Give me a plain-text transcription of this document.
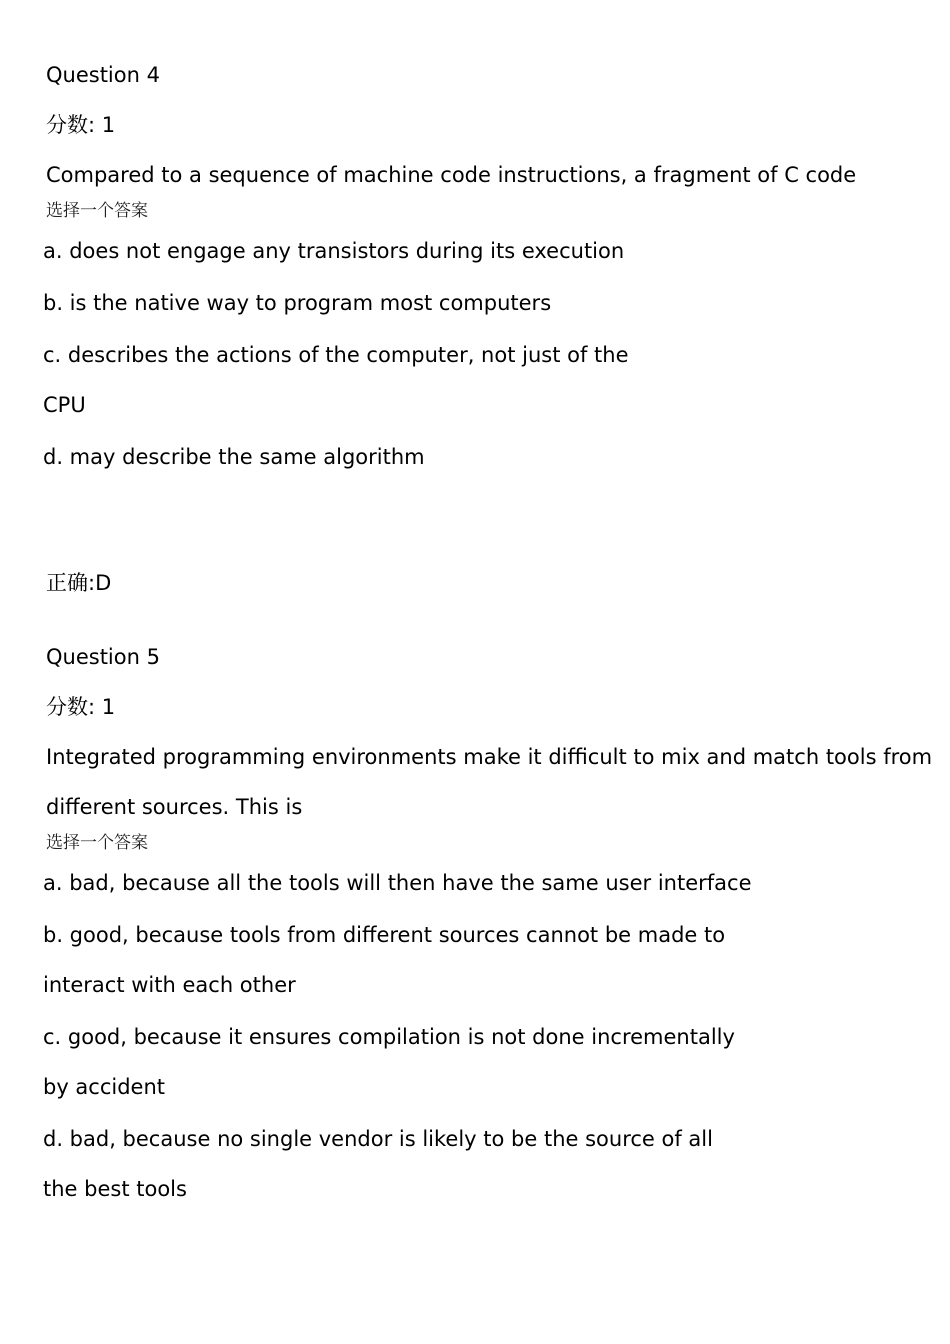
Question 4
分数: 1
Compared to a sequence of machine code instructions, a fragment of C code
选择一个答案
a. does not engage any transistors during its execution
b. is the native way to program most computers
c. describes the actions of the computer, not just of the
CPU
d. may describe the same algorithm
正确:D
Question 5
分数: 1
Integrated programming environments make it difficult to mix and match tools from
different sources. This is
选择一个答案
a. bad, because all the tools will then have the same user interface
b. good, because tools from different sources cannot be made to
interact with each other
c. good, because it ensures compilation is not done incrementally
by accident
d. bad, because no single vendor is likely to be the source of all
the best tools
